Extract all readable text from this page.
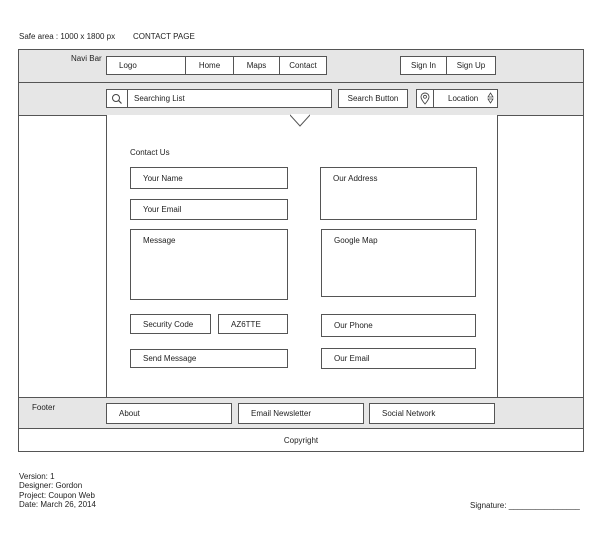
Safe area : 1000 x 1800 px CONTACT PAGE
Navi Bar
Logo	Home	Maps	Contact	Sign In	Sign Up
Searching List	Search Button	Location
Contact Us
Your Name
Your Email
Message
Security Code	AZ6TTE
Send Message
Our Address
Google Map
Our Phone
Our Email
Footer
About	Email Newsletter	Social Network
Copyright
Version: 1
Designer: Gordon
Project: Coupon Web
Date: March 26, 2014	Signature: ________________
